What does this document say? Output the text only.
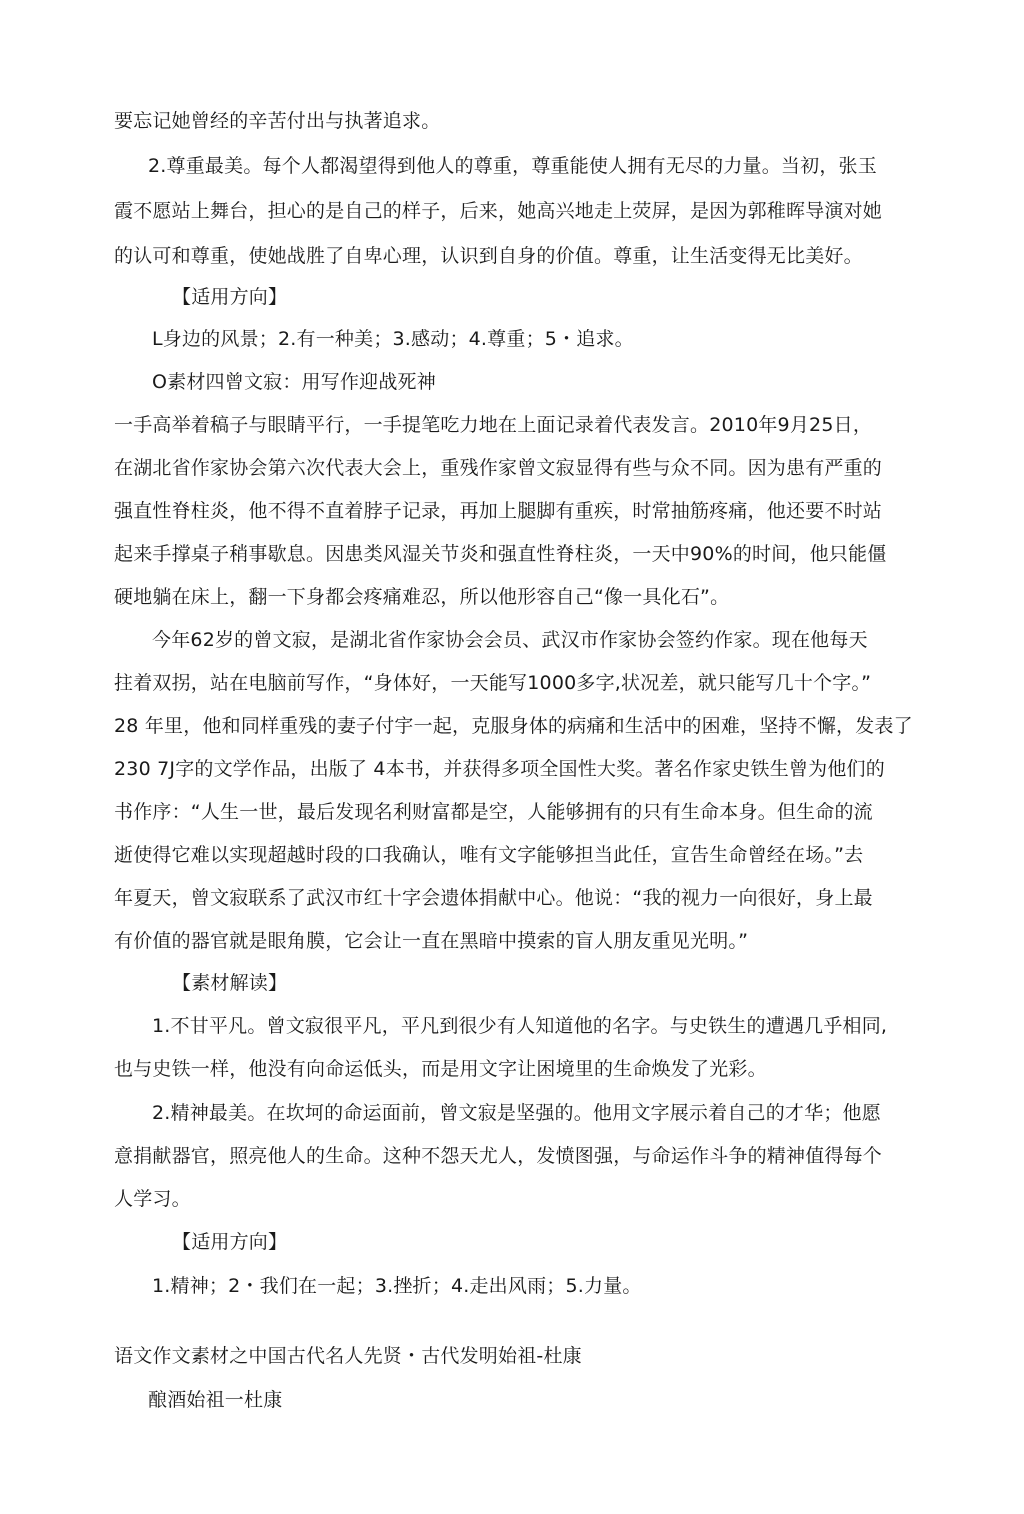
要忘记她曾经的辛苦付出与执著追求。

2.尊重最美。每个人都渴望得到他人的尊重，尊重能使人拥有无尽的力量。当初，张玉

霞不愿站上舞台，担心的是自己的样子，后来，她高兴地走上荧屏，是因为郭稚晖导演对她

的认可和尊重，使她战胜了自卑心理，认识到自身的价值。尊重，让生活变得无比美好。

【适用方向】

L身边的风景；2.有一种美；3.感动；4.尊重；5・追求。

O素材四曾文寂：用写作迎战死神

一手高举着稿子与眼睛平行，一手提笔吃力地在上面记录着代表发言。2010年9月25日，

在湖北省作家协会第六次代表大会上，重残作家曾文寂显得有些与众不同。因为患有严重的

强直性脊柱炎，他不得不直着脖子记录，再加上腿脚有重疾，时常抽筋疼痛，他还要不时站

起来手撑桌子稍事歇息。因患类风湿关节炎和强直性脊柱炎，一天中90%的时间，他只能僵

硬地躺在床上，翻一下身都会疼痛难忍，所以他形容自己“像一具化石”。

今年62岁的曾文寂，是湖北省作家协会会员、武汉市作家协会签约作家。现在他每天

拄着双拐，站在电脑前写作，“身体好，一天能写1000多字,状况差，就只能写几十个字。”

28 年里，他和同样重残的妻子付宇一起，克服身体的病痛和生活中的困难，坚持不懈，发表了

230 7J字的文学作品，出版了 4本书，并获得多项全国性大奖。著名作家史铁生曾为他们的

书作序：“人生一世，最后发现名利财富都是空，人能够拥有的只有生命本身。但生命的流

逝使得它难以实现超越时段的口我确认，唯有文字能够担当此任，宣告生命曾经在场。”去

年夏天，曾文寂联系了武汉市红十字会遗体捐献中心。他说：“我的视力一向很好，身上最

有价值的器官就是眼角膜，它会让一直在黑暗中摸索的盲人朋友重见光明。”

【素材解读】

1.不甘平凡。曾文寂很平凡，平凡到很少有人知道他的名字。与史铁生的遭遇几乎相同,

也与史铁一样，他没有向命运低头，而是用文字让困境里的生命焕发了光彩。

2.精神最美。在坎坷的命运面前，曾文寂是坚强的。他用文字展示着自己的才华；他愿

意捐献器官，照亮他人的生命。这种不怨天尤人，发愤图强，与命运作斗争的精神值得每个

人学习。

【适用方向】

1.精神；2・我们在一起；3.挫折；4.走出风雨；5.力量。

语文作文素材之中国古代名人先贤・古代发明始祖-杜康

酿酒始祖一杜康
